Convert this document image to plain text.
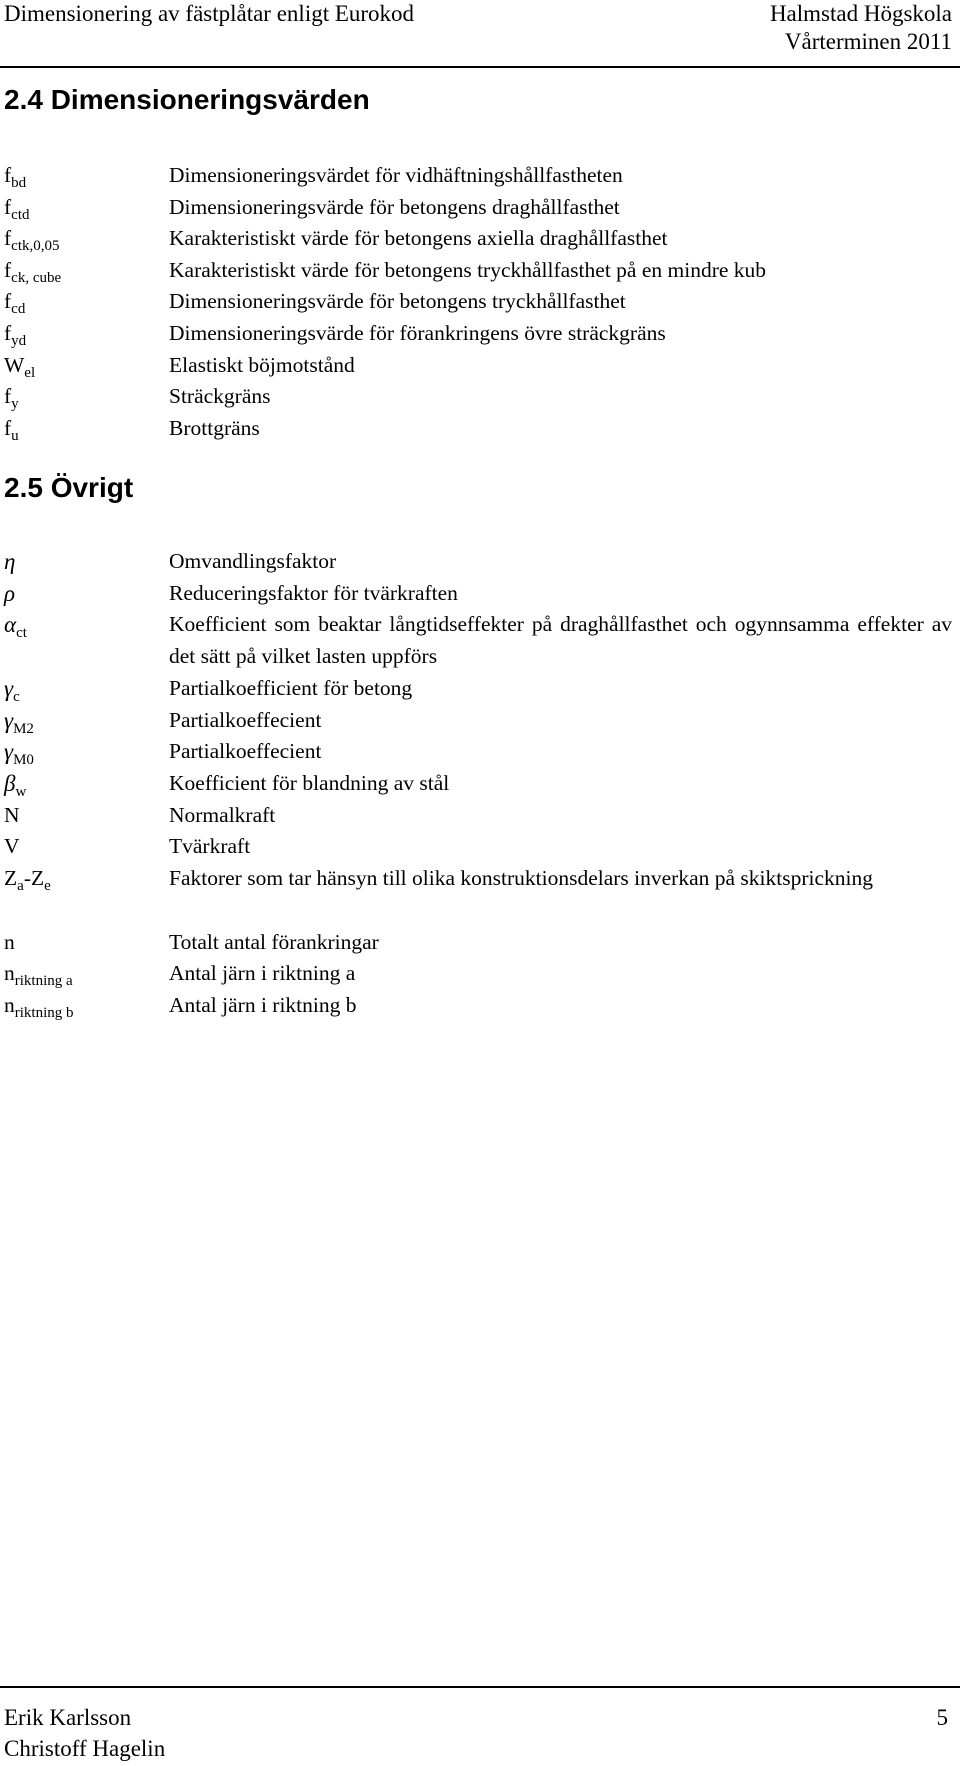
Dimensionering av fästplåtar enligt Eurokod	Halmstad Högskola
Vårterminen 2011
2.4 Dimensioneringsvärden
$f_{bd}$	Dimensioneringsvärdet för vidhäftningshållfastheten
$f_{ctd}$	Dimensioneringsvärde för betongens draghållfasthet
$f_{ctk,0,05}$	Karakteristiskt värde för betongens axiella draghållfasthet
$f_{ck, cube}$	Karakteristiskt värde för betongens tryckhållfasthet på en mindre kub
$f_{cd}$	Dimensioneringsvärde för betongens tryckhållfasthet
$f_{yd}$	Dimensioneringsvärde för förankringens övre sträckgräns
$W_{el}$	Elastiskt böjmotstånd
$f_y$	Sträckgräns
$f_u$	Brottgräns
2.5 Övrigt
η	Omvandlingsfaktor
ρ	Reduceringsfaktor för tvärkraften
$\alpha_{ct}$	Koefficient som beaktar långtidseffekter på draghållfasthet och ogynnsamma effekter av det sätt på vilket lasten uppförs
$\gamma_c$	Partialkoefficient för betong
$\gamma_{M2}$	Partialkoeffecient
$\gamma_{M0}$	Partialkoeffecient
$\beta_w$	Koefficient för blandning av stål
N	Normalkraft
V	Tvärkraft
$Z_a-Z_e$	Faktorer som tar hänsyn till olika konstruktionsdelars inverkan på skiktsprickning
n	Totalt antal förankringar
$n_{riktning a}$	Antal järn i riktning a
$n_{riktning b}$	Antal järn i riktning b
Erik Karlsson
Christoff Hagelin
5
